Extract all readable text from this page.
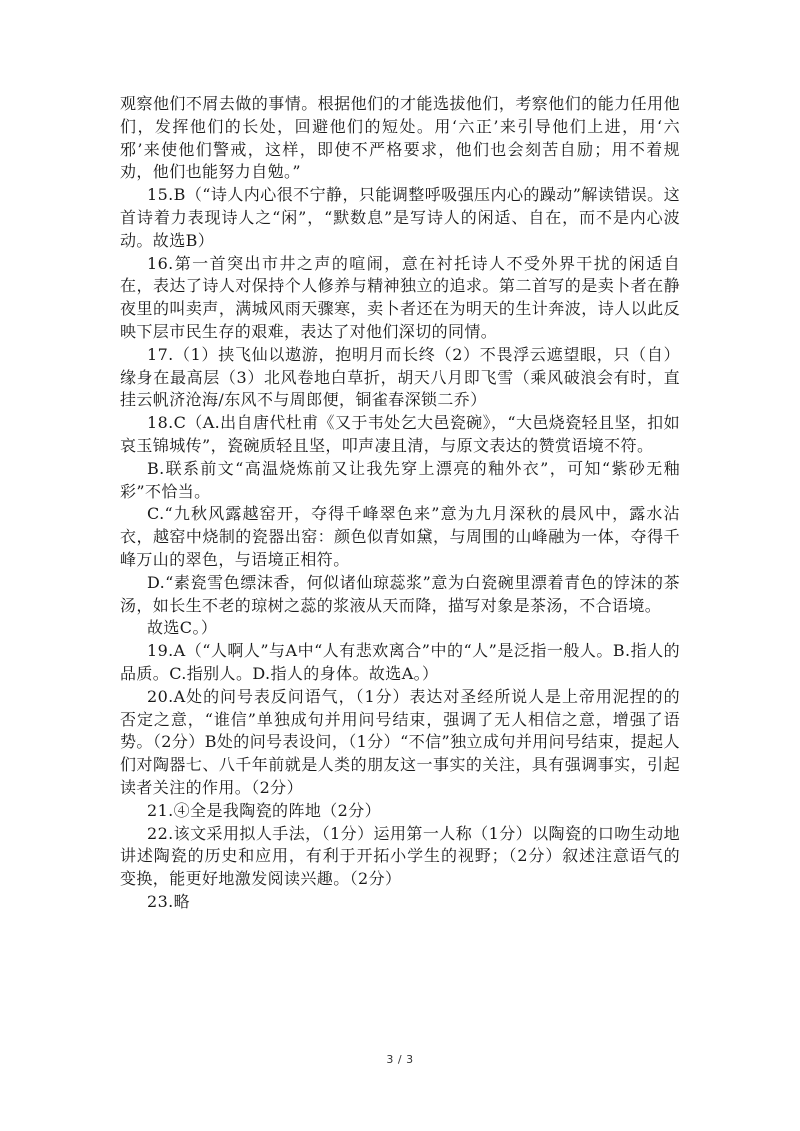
观察他们不屑去做的事情。根据他们的才能选拔他们，考察他们的能力任用他们，发挥他们的长处，回避他们的短处。用‘六正’来引导他们上进，用‘六邪’来使他们警戒，这样，即使不严格要求，他们也会刻苦自励；用不着规劝，他们也能努力自勉。”

15.B（“诗人内心很不宁静，只能调整呼吸强压内心的躁动”解读错误。这首诗着力表现诗人之“闲”，“默数息”是写诗人的闲适、自在，而不是内心波动。故选B）

16.第一首突出市井之声的喧闹，意在衬托诗人不受外界干扰的闲适自在，表达了诗人对保持个人修养与精神独立的追求。第二首写的是卖卜者在静夜里的叫卖声，满城风雨天骤寒，卖卜者还在为明天的生计奔波，诗人以此反映下层市民生存的艰难，表达了对他们深切的同情。

17.（1）挟飞仙以遨游，抱明月而长终（2）不畏浮云遮望眼，只（自）缘身在最高层（3）北风卷地白草折，胡天八月即飞雪（乘风破浪会有时，直挂云帆济沧海/东风不与周郎便，铜雀春深锁二乔）

18.C（A.出自唐代杜甫《又于韦处乞大邑瓷碗》，“大邑烧瓷轻且坚，扣如哀玉锦城传”，瓷碗质轻且坚，叩声凄且清，与原文表达的赞赏语境不符。

B.联系前文“高温烧炼前又让我先穿上漂亮的釉外衣”，可知“紫砂无釉彩”不恰当。

C.“九秋风露越窑开，夺得千峰翠色来”意为九月深秋的晨风中，露水沾衣，越窑中烧制的瓷器出窑：颜色似青如黛，与周围的山峰融为一体，夺得千峰万山的翠色，与语境正相符。

D.“素瓷雪色缥沫香，何似诸仙琼蕊浆”意为白瓷碗里漂着青色的饽沫的茶汤，如长生不老的琼树之蕊的浆液从天而降，描写对象是茶汤，不合语境。

故选C。）

19.A（“人啊人”与A中“人有悲欢离合”中的“人”是泛指一般人。B.指人的品质。C.指别人。D.指人的身体。故选A。）

20.A处的问号表反问语气，（1分）表达对圣经所说人是上帝用泥捏的的否定之意，“谁信”单独成句并用问号结束，强调了无人相信之意，增强了语势。（2分）B处的问号表设问，（1分）“不信”独立成句并用问号结束，提起人们对陶器七、八千年前就是人类的朋友这一事实的关注，具有强调事实，引起读者关注的作用。（2分）

21.④全是我陶瓷的阵地（2分）

22.该文采用拟人手法，（1分）运用第一人称（1分）以陶瓷的口吻生动地讲述陶瓷的历史和应用，有利于开拓小学生的视野；（2分）叙述注意语气的变换，能更好地激发阅读兴趣。（2分）

23.略

3 / 3
